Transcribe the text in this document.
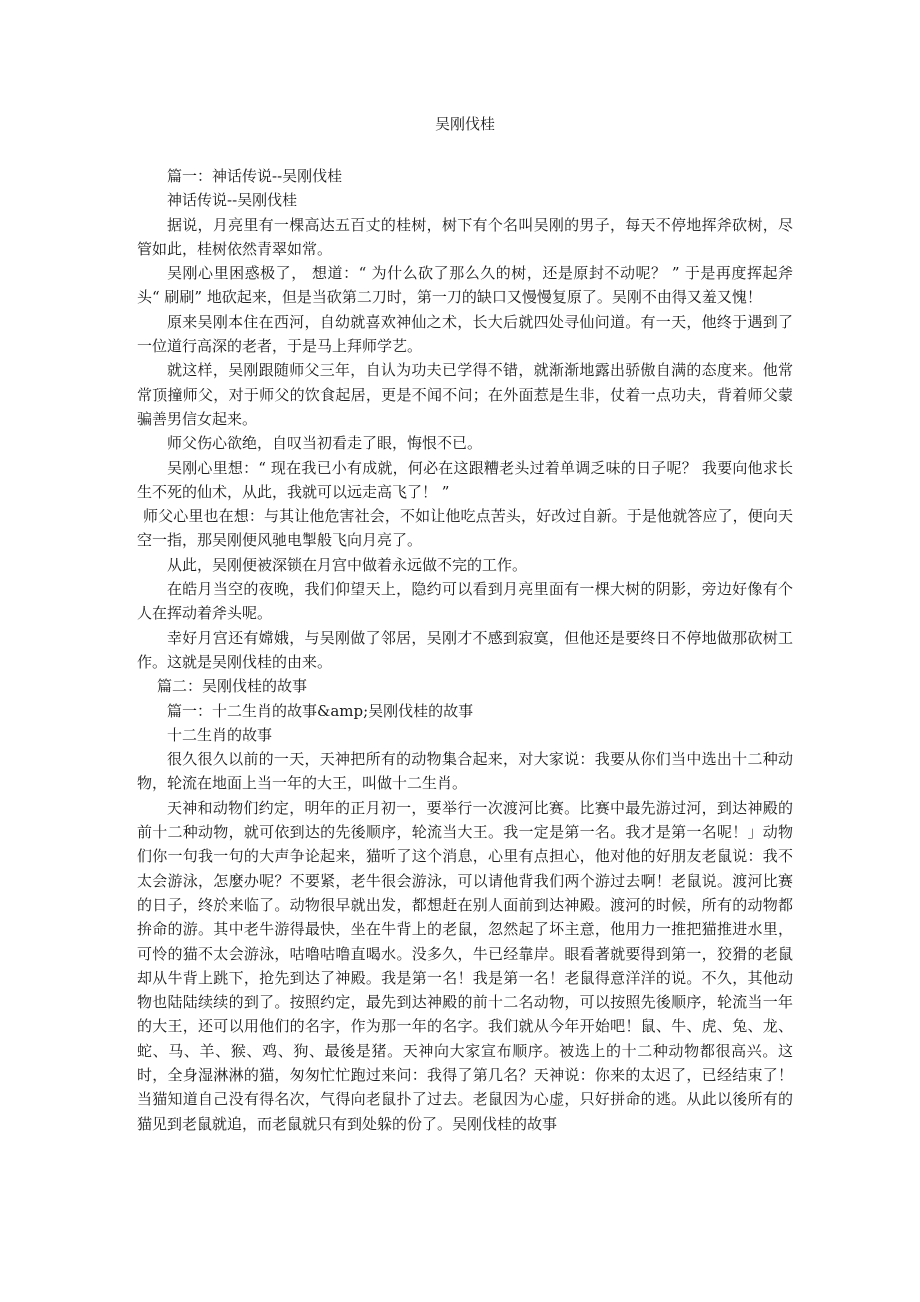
吴刚伐桂

篇一：神话传说--吴刚伐桂

神话传说--吴刚伐桂

据说，月亮里有一棵高达五百丈的桂树，树下有个名叫吴刚的男子，每天不停地挥斧砍树，尽管如此，桂树依然青翠如常。

吴刚心里困惑极了， 想道：“ 为什么砍了那么久的树，还是原封不动呢？ ” 于是再度挥起斧头“ 刷刷” 地砍起来，但是当砍第二刀时，第一刀的缺口又慢慢复原了。吴刚不由得又羞又愧！

原来吴刚本住在西河，自幼就喜欢神仙之术，长大后就四处寻仙问道。有一天，他终于遇到了一位道行高深的老者，于是马上拜师学艺。

就这样，吴刚跟随师父三年，自认为功夫已学得不错，就渐渐地露出骄傲自满的态度来。他常常顶撞师父，对于师父的饮食起居，更是不闻不问；在外面惹是生非，仗着一点功夫，背着师父蒙骗善男信女起来。

师父伤心欲绝，自叹当初看走了眼，悔恨不已。

吴刚心里想：“ 现在我已小有成就，何必在这跟糟老头过着单调乏味的日子呢？ 我要向他求长生不死的仙术，从此，我就可以远走高飞了！ ”

师父心里也在想：与其让他危害社会，不如让他吃点苦头，好改过自新。于是他就答应了，便向天空一指，那吴刚便风驰电掣般飞向月亮了。

从此，吴刚便被深锁在月宫中做着永远做不完的工作。

在皓月当空的夜晚，我们仰望天上，隐约可以看到月亮里面有一棵大树的阴影，旁边好像有个人在挥动着斧头呢。

幸好月宫还有嫦娥，与吴刚做了邻居，吴刚才不感到寂寞，但他还是要终日不停地做那砍树工作。这就是吴刚伐桂的由来。

篇二：吴刚伐桂的故事

篇一：十二生肖的故事&amp;吴刚伐桂的故事

十二生肖的故事

很久很久以前的一天，天神把所有的动物集合起来，对大家说：我要从你们当中选出十二种动物，轮流在地面上当一年的大王，叫做十二生肖。

天神和动物们约定，明年的正月初一，要举行一次渡河比赛。比赛中最先游过河，到达神殿的前十二种动物，就可依到达的先後顺序，轮流当大王。我一定是第一名。我才是第一名呢！」动物们你一句我一句的大声争论起来，猫听了这个消息，心里有点担心，他对他的好朋友老鼠说：我不太会游泳，怎麼办呢？不要紧，老牛很会游泳，可以请他背我们两个游过去啊！老鼠说。渡河比赛的日子，终於来临了。动物很早就出发，都想赶在别人面前到达神殿。渡河的时候，所有的动物都拚命的游。其中老牛游得最快，坐在牛背上的老鼠，忽然起了坏主意，他用力一推把猫推进水里，可怜的猫不太会游泳，咕噜咕噜直喝水。没多久，牛已经靠岸。眼看著就要得到第一，狡猾的老鼠却从牛背上跳下，抢先到达了神殿。我是第一名！我是第一名！老鼠得意洋洋的说。不久，其他动物也陆陆续续的到了。按照约定，最先到达神殿的前十二名动物，可以按照先後顺序，轮流当一年的大王，还可以用他们的名字，作为那一年的名字。我们就从今年开始吧！鼠、牛、虎、兔、龙、蛇、马、羊、猴、鸡、狗、最後是猪。天神向大家宣布顺序。被选上的十二种动物都很高兴。这时，全身湿淋淋的猫，匆匆忙忙跑过来问：我得了第几名？天神说：你来的太迟了，已经结束了！当猫知道自己没有得名次，气得向老鼠扑了过去。老鼠因为心虚，只好拼命的逃。从此以後所有的猫见到老鼠就追，而老鼠就只有到处躲的份了。吴刚伐桂的故事
